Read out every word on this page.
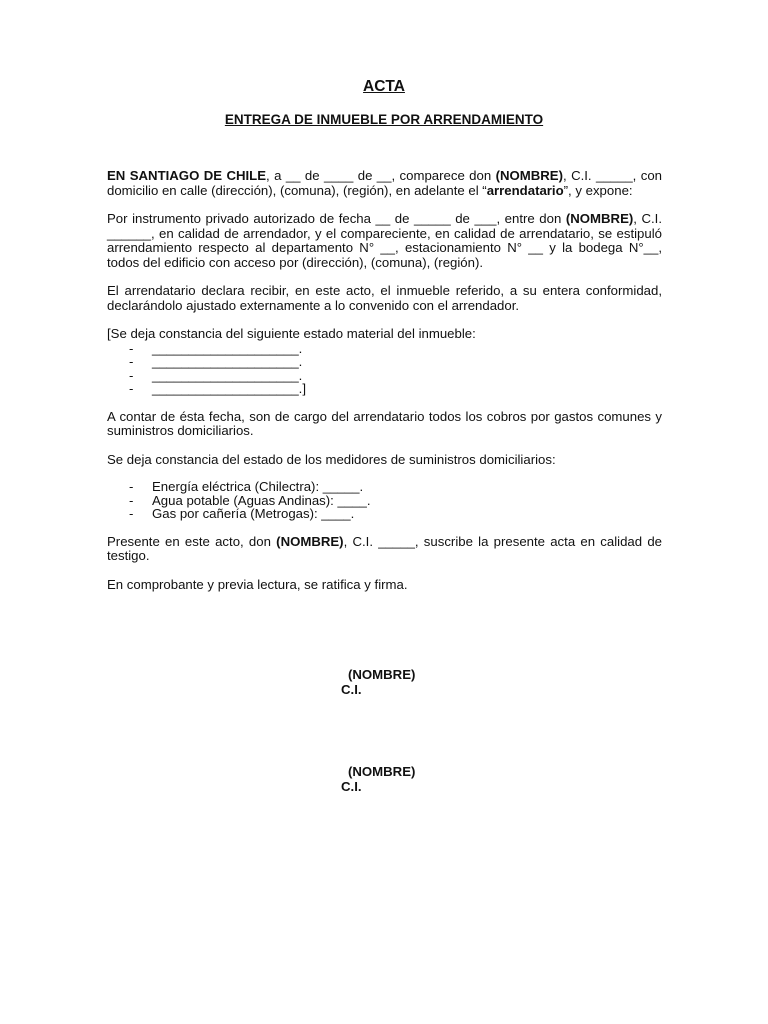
ACTA
ENTREGA DE INMUEBLE POR ARRENDAMIENTO

EN SANTIAGO DE CHILE, a __ de ____ de __, comparece don (NOMBRE), C.I. _____, con domicilio en calle (dirección), (comuna), (región), en adelante el “arrendatario”, y expone:

Por instrumento privado autorizado de fecha __ de _____ de ___, entre don (NOMBRE), C.I. ______, en calidad de arrendador, y el compareciente, en calidad de arrendatario, se estipuló arrendamiento respecto al departamento N° __, estacionamiento N° __ y la bodega N°__, todos del edificio con acceso por (dirección), (comuna), (región).

El arrendatario declara recibir, en este acto, el inmueble referido, a su entera conformidad, declarándolo ajustado externamente a lo convenido con el arrendador.

[Se deja constancia del siguiente estado material del inmueble:

- ____________________.
- ____________________.
- ____________________.
- ____________________.]

A contar de ésta fecha, son de cargo del arrendatario todos los cobros por gastos comunes y suministros domiciliarios.

Se deja constancia del estado de los medidores de suministros domiciliarios:

- Energía eléctrica (Chilectra): _____.
- Agua potable (Aguas Andinas): ____.
- Gas por cañería (Metrogas): ____.

Presente en este acto, don (NOMBRE), C.I. _____, suscribe la presente acta en calidad de testigo.

En comprobante y previa lectura, se ratifica y firma.

(NOMBRE)
C.I.
(NOMBRE)
C.I.
